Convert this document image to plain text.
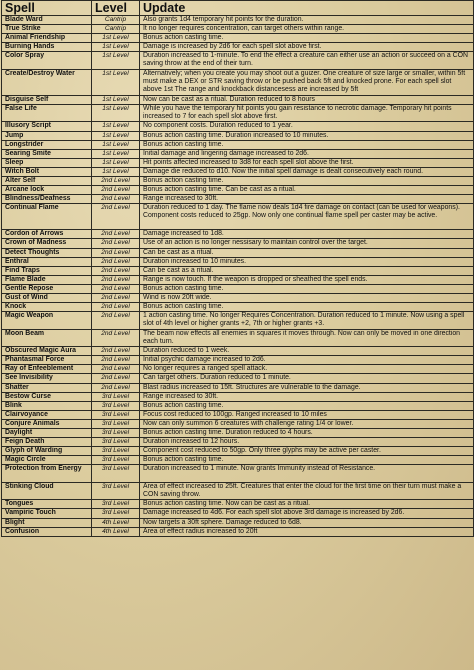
Spell	Level	Update
Blade Ward	Cantrip	Also grants 1d4 temporary hit points for the duration.
True Strike	Cantrip	It no longer requires concentration, can target others within range.
Animal Friendship	1st Level	Bonus action casting time.
Burning Hands	1st Level	Damage is increased by 2d6 for each spell slot above first.
Color Spray	1st Level	Duration increased to 1-minute. To end the effect a creature can either use an action or succeed on a CON saving throw at the end of their turn.
Create/Destroy Water	1st Level	Alternatively; when you create you may shoot out a guizer. One creature of size large or smaller, within 5ft must make a DEX or STR saving throw or be pushed back 5ft and knocked prone. For each spell slot above 1st The range and knockback distancesess are increased by 5ft
Disguise Self	1st Level	Now can be cast as a ritual. Duration reduced to 8 hours
False Life	1st Level	While you have the temporary hit points you gain resistance to necrotic damage. Temporary hit points increased to 7 for each spell slot above first.
Illusory Script	1st Level	No component costs. Duration reduced to 1 year.
Jump	1st Level	Bonus action casting time. Duration increased to 10 minutes.
Longstrider	1st Level	Bonus action casting time.
Searing Smite	1st Level	Initial damage and lingering damage increased to 2d6.
Sleep	1st Level	Hit points affected increased to 3d8 for each spell slot above the first.
Witch Bolt	1st Level	Damage die reduced to d10. Now the initial spell damage is dealt consecutively each round.
Alter Self	2nd Level	Bonus action casting time.
Arcane lock	2nd Level	Bonus action casting time. Can be cast as a ritual.
Blindness/Deafness	2nd Level	Range increased to 30ft.
Continual Flame	2nd Level	Duration reduced to 1 day. The flame now deals 1d4 fire damage on contact (can be used for weapons). Component costs reduced to 25gp. Now only one continual flame spell per caster may be active.
Cordon of Arrows	2nd Level	Damage increased to 1d8.
Crown of Madness	2nd Level	Use of an action is no longer nessisary to maintain control over the target.
Detect Thoughts	2nd Level	Can be cast as a ritual.
Enthral	2nd Level	Duration increased to 10 minutes.
Find Traps	2nd Level	Can be cast as a ritual.
Flame Blade	2nd Level	Range is now touch. If the weapon is dropped or sheathed the spell ends.
Gentle Repose	2nd Level	Bonus action casting time.
Gust of Wind	2nd Level	Wind is now 20ft wide.
Knock	2nd Level	Bonus action casting time.
Magic Weapon	2nd Level	1 action casting time. No longer Requires Concentration. Duration reduced to 1 minute. Now using a spell slot of 4th level or higher grants +2, 7th or higher grants +3.
Moon Beam	2nd Level	The beam now effects all enemies in squares it moves through. Now can only be moved in one direction each turn.
Obscured Magic Aura	2nd Level	Duration reduced to 1 week.
Phantasmal Force	2nd Level	Initial psychic damage increased to 2d6.
Ray of Enfeeblement	2nd Level	No longer requires a ranged spell attack.
See Invisibility	2nd Level	Can target others. Duration reduced to 1 minute.
Shatter	2nd Level	Blast radius increased to 15ft. Structures are vulnerable to the damage.
Bestow Curse	3rd Level	Range increased to 30ft.
Blink	3rd Level	Bonus action casting time.
Clairvoyance	3rd Level	Focus cost reduced to 100gp. Ranged increased to 10 miles
Conjure Animals	3rd Level	Now can only summon 6 creatures with challenge rating 1/4 or lower.
Daylight	3rd Level	Bonus action casting time. Duration reduced to 4 hours.
Feign Death	3rd Level	Duration increased to 12 hours.
Glyph of Warding	3rd Level	Component cost reduced to 50gp. Only three glyphs may be active per caster.
Magic Circle	3rd Level	Bonus action casting time.
Protection from Energy	3rd Level	Duration increased to 1 minute. Now grants Immunity instead of Resistance.
Stinking Cloud	3rd Level	Area of effect increased to 25ft. Creatures that enter the cloud for the first time on their turn must make a CON saving throw.
Tongues	3rd Level	Bonus action casting time. Now can be cast as a ritual.
Vampiric Touch	3rd Level	Damage increased to 4d6. For each spell slot above 3rd damage is increased by 2d6.
Blight	4th Level	Now targets a 30ft sphere. Damage reduced to 6d8.
Confusion	4th Level	Area of effect radius increased to 20ft
